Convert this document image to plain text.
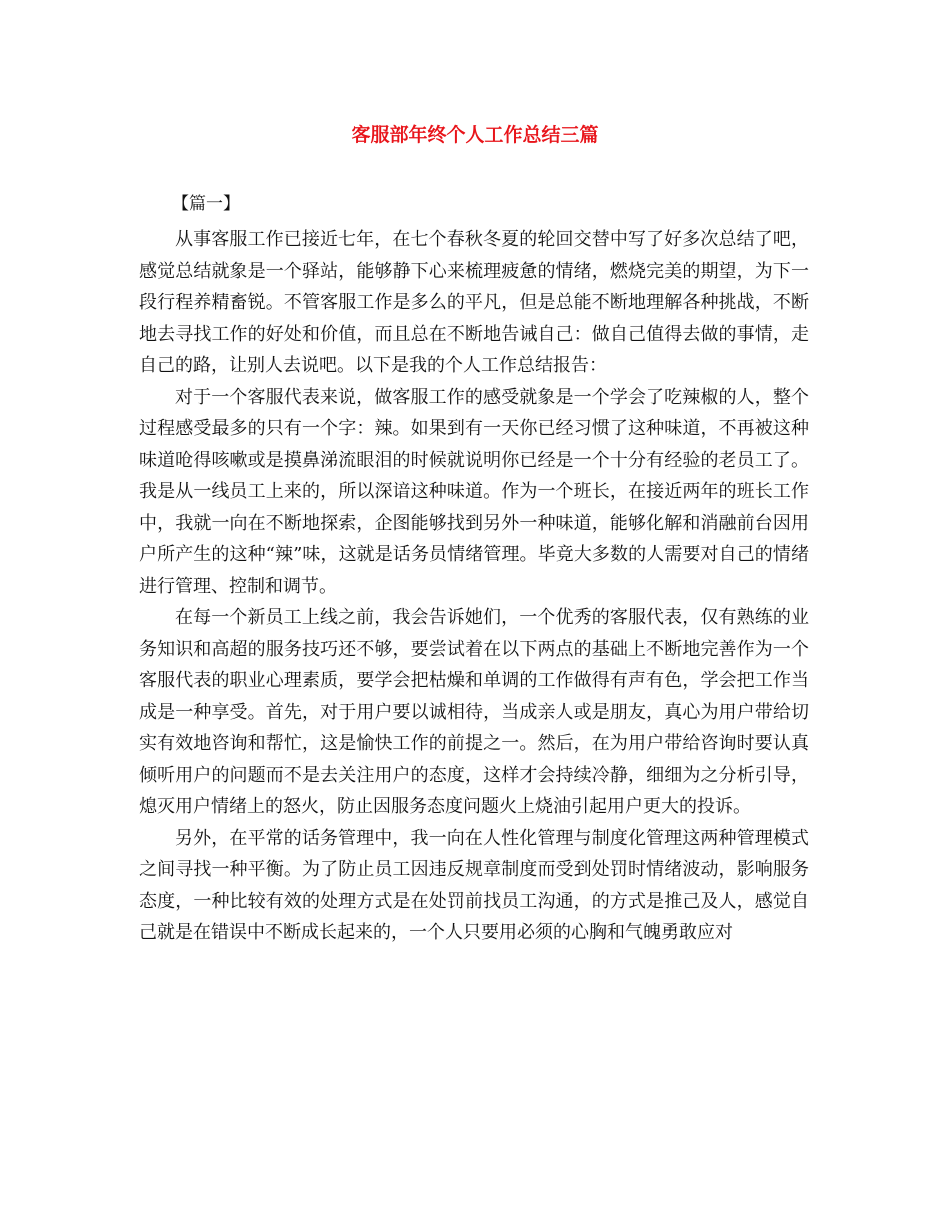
客服部年终个人工作总结三篇
【篇一】

从事客服工作已接近七年，在七个春秋冬夏的轮回交替中写了好多次总结了吧，感觉总结就象是一个驿站，能够静下心来梳理疲惫的情绪，燃烧完美的期望，为下一段行程养精畜锐。不管客服工作是多么的平凡，但是总能不断地理解各种挑战，不断地去寻找工作的好处和价值，而且总在不断地告诫自己：做自己值得去做的事情，走自己的路，让别人去说吧。以下是我的个人工作总结报告：

对于一个客服代表来说，做客服工作的感受就象是一个学会了吃辣椒的人，整个过程感受最多的只有一个字：辣。如果到有一天你已经习惯了这种味道，不再被这种味道呛得咳嗽或是摸鼻涕流眼泪的时候就说明你已经是一个十分有经验的老员工了。我是从一线员工上来的，所以深谙这种味道。作为一个班长，在接近两年的班长工作中，我就一向在不断地探索，企图能够找到另外一种味道，能够化解和消融前台因用户所产生的这种“辣”味，这就是话务员情绪管理。毕竟大多数的人需要对自己的情绪进行管理、控制和调节。

在每一个新员工上线之前，我会告诉她们，一个优秀的客服代表，仅有熟练的业务知识和高超的服务技巧还不够，要尝试着在以下两点的基础上不断地完善作为一个客服代表的职业心理素质，要学会把枯燥和单调的工作做得有声有色，学会把工作当成是一种享受。首先，对于用户要以诚相待，当成亲人或是朋友，真心为用户带给切实有效地咨询和帮忙，这是愉快工作的前提之一。然后，在为用户带给咨询时要认真倾听用户的问题而不是去关注用户的态度，这样才会持续冷静，细细为之分析引导，熄灭用户情绪上的怒火，防止因服务态度问题火上烧油引起用户更大的投诉。

另外，在平常的话务管理中，我一向在人性化管理与制度化管理这两种管理模式之间寻找一种平衡。为了防止员工因违反规章制度而受到处罚时情绪波动，影响服务态度，一种比较有效的处理方式是在处罚前找员工沟通，的方式是推己及人，感觉自己就是在错误中不断成长起来的，一个人只要用必须的心胸和气魄勇敢应对
